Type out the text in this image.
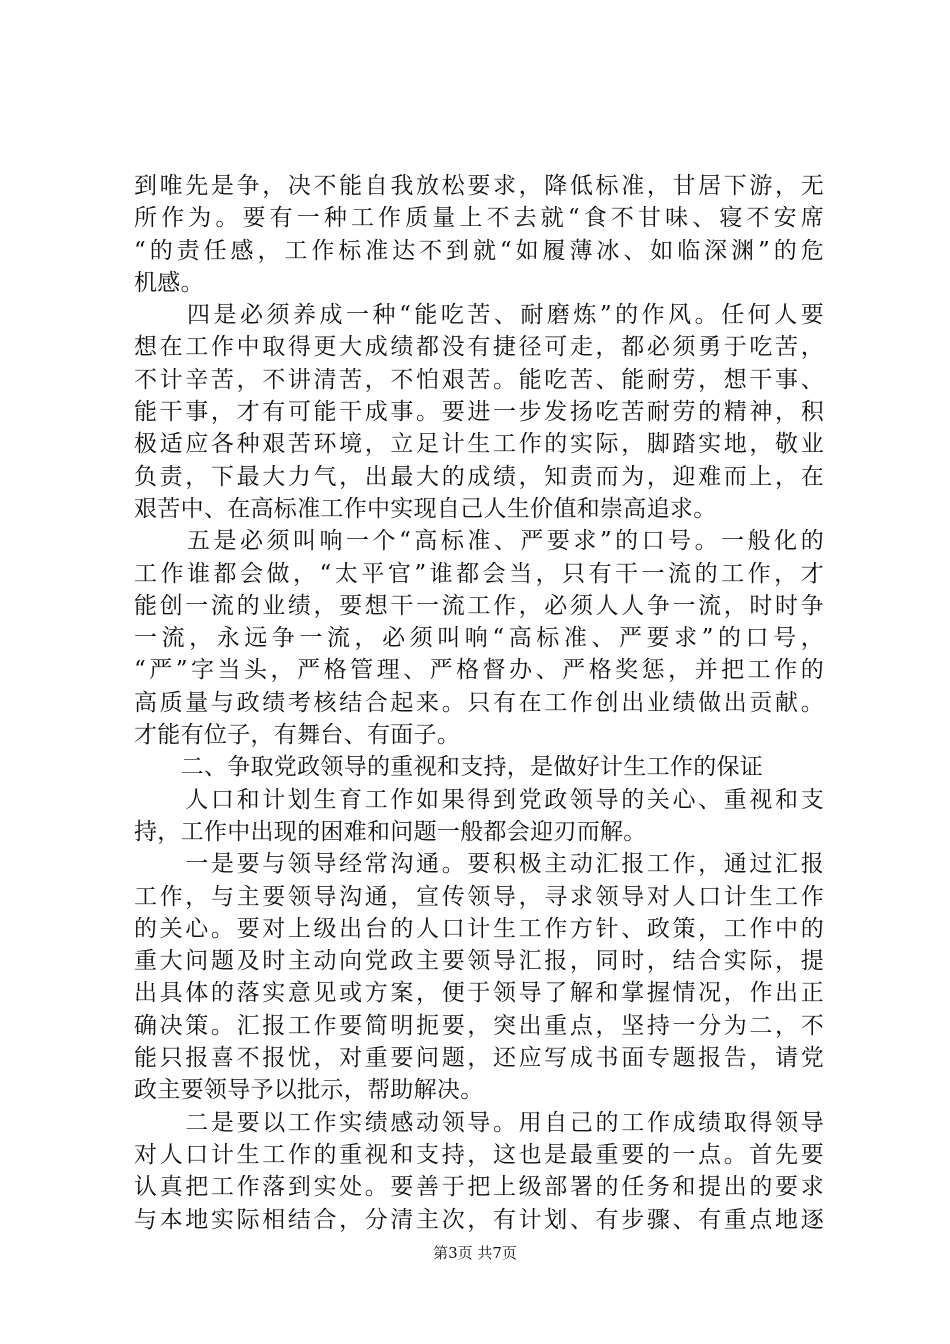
到唯先是争，决不能自我放松要求，降低标准，甘居下游，无
所作为。要有一种工作质量上不去就“食不甘味、寝不安席
“的责任感，工作标准达不到就“如履薄冰、如临深渊”的危
机感。
　　四是必须养成一种“能吃苦、耐磨炼”的作风。任何人要
想在工作中取得更大成绩都没有捷径可走，都必须勇于吃苦，
不计辛苦，不讲清苦，不怕艰苦。能吃苦、能耐劳，想干事、
能干事，才有可能干成事。要进一步发扬吃苦耐劳的精神，积
极适应各种艰苦环境，立足计生工作的实际，脚踏实地，敬业
负责，下最大力气，出最大的成绩，知责而为，迎难而上，在
艰苦中、在高标准工作中实现自己人生价值和崇高追求。
　　五是必须叫响一个“高标准、严要求”的口号。一般化的
工作谁都会做，“太平官”谁都会当，只有干一流的工作，才
能创一流的业绩，要想干一流工作，必须人人争一流，时时争
一流，永远争一流，必须叫响“高标准、严要求”的口号，
“严”字当头，严格管理、严格督办、严格奖惩，并把工作的
高质量与政绩考核结合起来。只有在工作创出业绩做出贡献。
才能有位子，有舞台、有面子。
　　二、争取党政领导的重视和支持，是做好计生工作的保证
　　人口和计划生育工作如果得到党政领导的关心、重视和支
持，工作中出现的困难和问题一般都会迎刃而解。
　　一是要与领导经常沟通。要积极主动汇报工作，通过汇报
工作，与主要领导沟通，宣传领导，寻求领导对人口计生工作
的关心。要对上级出台的人口计生工作方针、政策，工作中的
重大问题及时主动向党政主要领导汇报，同时，结合实际，提
出具体的落实意见或方案，便于领导了解和掌握情况，作出正
确决策。汇报工作要简明扼要，突出重点，坚持一分为二，不
能只报喜不报忧，对重要问题，还应写成书面专题报告，请党
政主要领导予以批示，帮助解决。
　　二是要以工作实绩感动领导。用自己的工作成绩取得领导
对人口计生工作的重视和支持，这也是最重要的一点。首先要
认真把工作落到实处。要善于把上级部署的任务和提出的要求
与本地实际相结合，分清主次，有计划、有步骤、有重点地逐
第3页 共7页
